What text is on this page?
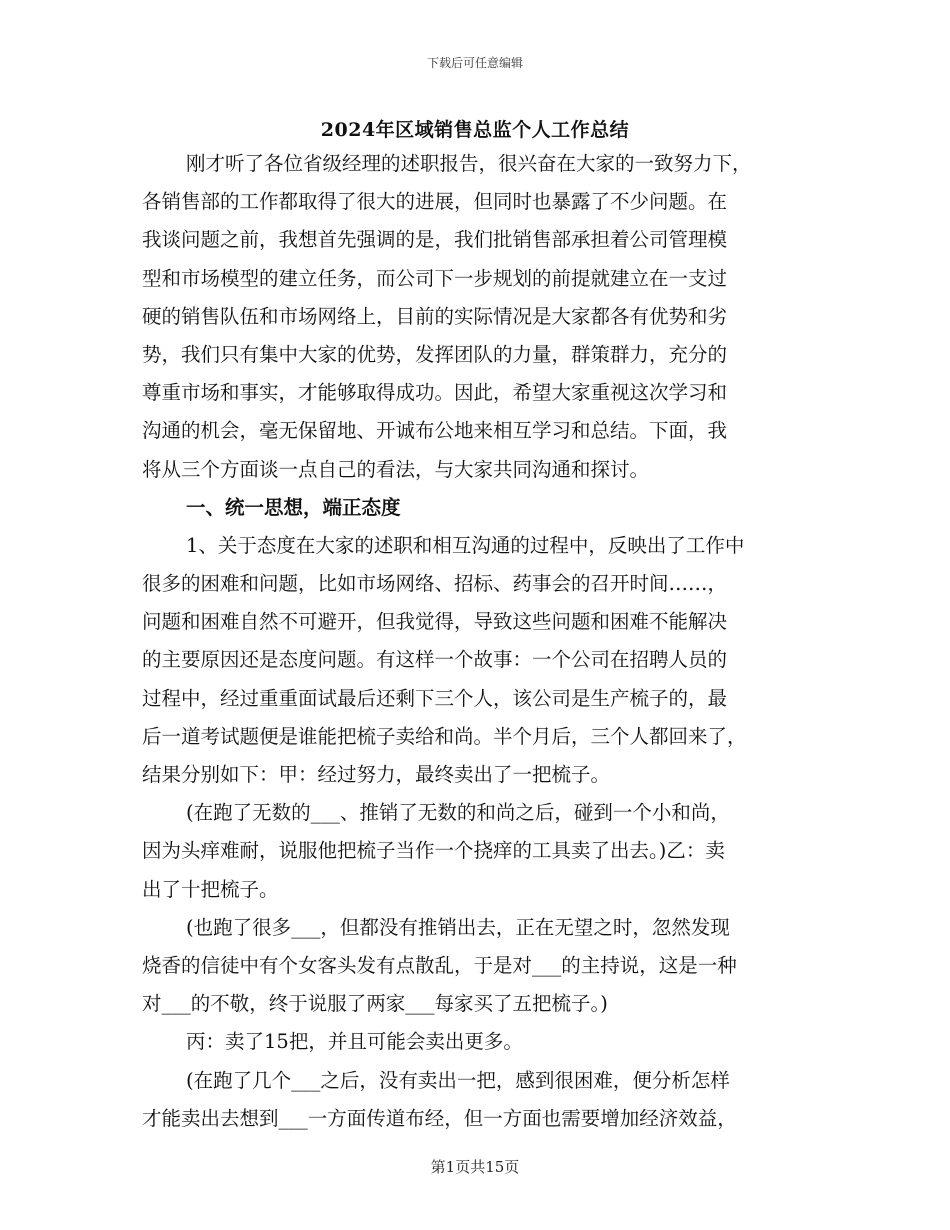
下载后可任意编辑
2024年区域销售总监个人工作总结
刚才听了各位省级经理的述职报告，很兴奋在大家的一致努力下，
各销售部的工作都取得了很大的进展，但同时也暴露了不少问题。在
我谈问题之前，我想首先强调的是，我们批销售部承担着公司管理模
型和市场模型的建立任务，而公司下一步规划的前提就建立在一支过
硬的销售队伍和市场网络上，目前的实际情况是大家都各有优势和劣
势，我们只有集中大家的优势，发挥团队的力量，群策群力，充分的
尊重市场和事实，才能够取得成功。因此，希望大家重视这次学习和
沟通的机会，毫无保留地、开诚布公地来相互学习和总结。下面，我
将从三个方面谈一点自己的看法，与大家共同沟通和探讨。
一、统一思想，端正态度
1、关于态度在大家的述职和相互沟通的过程中，反映出了工作中
很多的困难和问题，比如市场网络、招标、药事会的召开时间……，
问题和困难自然不可避开，但我觉得，导致这些问题和困难不能解决
的主要原因还是态度问题。有这样一个故事：一个公司在招聘人员的
过程中，经过重重面试最后还剩下三个人，该公司是生产梳子的，最
后一道考试题便是谁能把梳子卖给和尚。半个月后，三个人都回来了，
结果分别如下：甲：经过努力，最终卖出了一把梳子。
(在跑了无数的___、推销了无数的和尚之后，碰到一个小和尚，
因为头痒难耐，说服他把梳子当作一个挠痒的工具卖了出去。)乙：卖
出了十把梳子。
(也跑了很多___，但都没有推销出去，正在无望之时，忽然发现
烧香的信徒中有个女客头发有点散乱，于是对___的主持说，这是一种
对___的不敬，终于说服了两家___每家买了五把梳子。)
丙：卖了15把，并且可能会卖出更多。
(在跑了几个___之后，没有卖出一把，感到很困难，便分析怎样
才能卖出去想到___一方面传道布经，但一方面也需要增加经济效益，
第1页共15页
